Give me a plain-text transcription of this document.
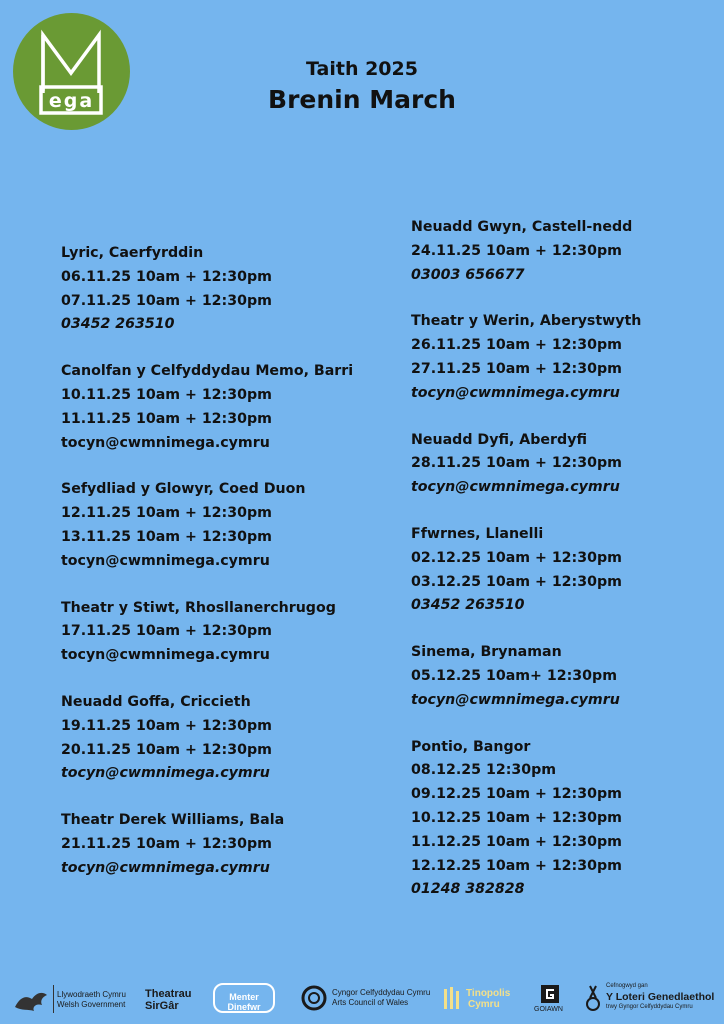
ega
Taith 2025
Brenin March
Lyric, Caerfyrddin
06.11.25 10am + 12:30pm
07.11.25 10am + 12:30pm
03452 263510
Canolfan y Celfyddydau Memo, Barri
10.11.25 10am + 12:30pm
11.11.25 10am + 12:30pm
tocyn@cwmnimega.cymru
Sefydliad y Glowyr, Coed Duon
12.11.25 10am + 12:30pm
13.11.25 10am + 12:30pm
tocyn@cwmnimega.cymru
Theatr y Stiwt, Rhosllanerchrugog
17.11.25 10am + 12:30pm
tocyn@cwmnimega.cymru
Neuadd Goffa, Criccieth
19.11.25 10am + 12:30pm
20.11.25 10am + 12:30pm
tocyn@cwmnimega.cymru
Theatr Derek Williams, Bala
21.11.25 10am + 12:30pm
tocyn@cwmnimega.cymru
Neuadd Gwyn, Castell-nedd
24.11.25 10am + 12:30pm
03003 656677
Theatr y Werin, Aberystwyth
26.11.25 10am + 12:30pm
27.11.25 10am + 12:30pm
tocyn@cwmnimega.cymru
Neuadd Dyfi, Aberdyfi
28.11.25 10am + 12:30pm
tocyn@cwmnimega.cymru
Ffwrnes, Llanelli
02.12.25 10am + 12:30pm
03.12.25 10am + 12:30pm
03452 263510
Sinema, Brynaman
05.12.25 10am+ 12:30pm
tocyn@cwmnimega.cymru
Pontio, Bangor
08.12.25 12:30pm
09.12.25 10am + 12:30pm
10.12.25 10am + 12:30pm
11.12.25 10am + 12:30pm
12.12.25 10am + 12:30pm
01248 382828
Llywodraeth Cymru
Welsh Government
Theatrau
SirGâr
Menter Dinefwr
Cyngor Celfyddydau Cymru
Arts Council of Wales
Tinopolis
Cymru	GOIAWN
Cefnogwyd gan
Y Loteri Genedlaethol
trwy Gyngor Celfyddydau Cymru
